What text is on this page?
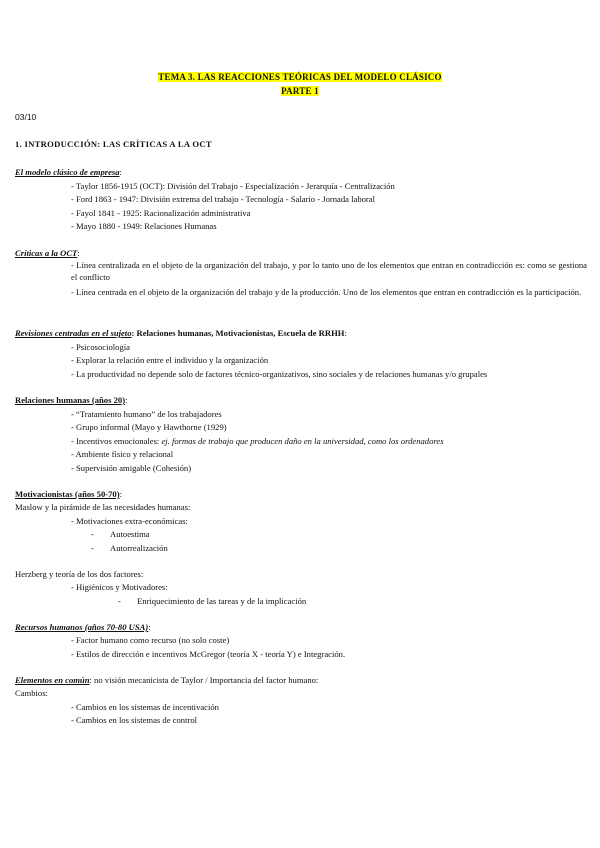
TEMA 3. LAS REACCIONES TEÓRICAS DEL MODELO CLÁSICO
PARTE 1
03/10
1. INTRODUCCIÓN: LAS CRÍTICAS A LA OCT
El modelo clásico de empresa:
- Taylor 1856-1915 (OCT): División del Trabajo - Especialización - Jerarquía - Centralización
- Ford 1863 - 1947: División extrema del trabajo - Tecnología - Salario - Jornada laboral
- Fayol 1841 - 1925: Racionalización administrativa
- Mayo 1880 - 1949: Relaciones Humanas
Críticas a la OCT:
- Línea centralizada en el objeto de la organización del trabajo, y por lo tanto uno de los elementos que entran en contradicción es: como se gestiona el conflicto
- Línea centrada en el objeto de la organización del trabajo y de la producción. Uno de los elementos que entran en contradicción es la participación.
Revisiones centradas en el sujeto: Relaciones humanas, Motivacionistas, Escuela de RRHH:
- Psicosociología
- Explorar la relación entre el individuo y la organización
- La productividad no depende solo de factores técnico-organizativos, sino sociales y de relaciones humanas y/o grupales
Relaciones humanas (años 20):
- “Tratamiento humano” de los trabajadores
- Grupo informal (Mayo y Hawthorne (1929)
- Incentivos emocionales: ej. formas de trabajo que producen daño en la universidad, como los ordenadores
- Ambiente físico y relacional
- Supervisión amigable (Cohesión)
Motivacionistas (años 50-70):
Maslow y la pirámide de las necesidades humanas:
- Motivaciones extra-económicas:
- Autoestima
- Autorrealización
Herzberg y teoría de los dos factores:
- Higiénicos y Motivadores:
- Enriquecimiento de las tareas y de la implicación
Recursos humanos (años 70-80 USA):
- Factor humano como recurso (no solo coste)
- Estilos de dirección e incentivos McGregor (teoría X - teoría Y) e Integración.
Elementos en común: no visión mecanicista de Taylor / Importancia del factor humano:
Cambios:
- Cambios en los sistemas de incentivación
- Cambios en los sistemas de control
